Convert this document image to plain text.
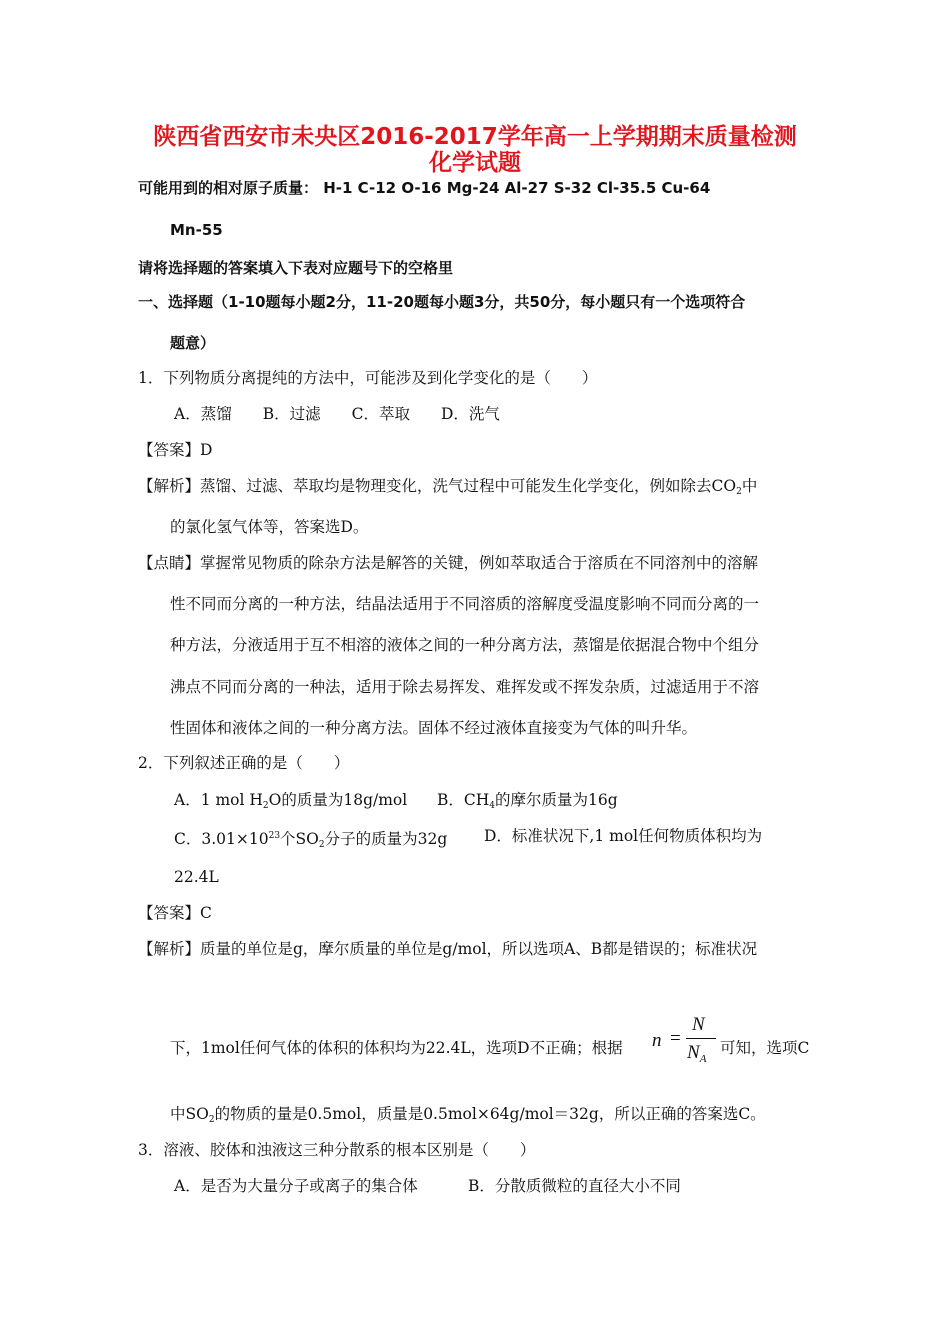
陕西省西安市未央区2016-2017学年高一上学期期末质量检测
化学试题
可能用到的相对原子质量： H-1 C-12 O-16 Mg-24 Al-27 S-32 Cl-35.5 Cu-64
Mn-55
请将选择题的答案填入下表对应题号下的空格里
一、选择题（1-10题每小题2分，11-20题每小题3分，共50分，每小题只有一个选项符合
题意）
1．下列物质分离提纯的方法中，可能涉及到化学变化的是（　　）
A．蒸馏　　B．过滤　　C．萃取　　D．洗气
【答案】D
【解析】蒸馏、过滤、萃取均是物理变化，洗气过程中可能发生化学变化，例如除去$CO_2$中
的氯化氢气体等，答案选D。
【点睛】掌握常见物质的除杂方法是解答的关键，例如萃取适合于溶质在不同溶剂中的溶解
性不同而分离的一种方法，结晶法适用于不同溶质的溶解度受温度影响不同而分离的一
种方法，分液适用于互不相溶的液体之间的一种分离方法，蒸馏是依据混合物中个组分
沸点不同而分离的一种法，适用于除去易挥发、难挥发或不挥发杂质，过滤适用于不溶
性固体和液体之间的一种分离方法。固体不经过液体直接变为气体的叫升华。
2．下列叙述正确的是（　　）
A．1 mol $H_2O$的质量为18g/mol B．$CH_4$的摩尔质量为16g
C．$3.01\times 10^{23}$个$SO_2$分子的质量为32g D．标准状况下,1 mol任何物质体积均为
22.4L
【答案】C
【解析】质量的单位是g，摩尔质量的单位是g/mol，所以选项A、B都是错误的；标准状况
下，1mol任何气体的体积的体积均为22.4L，选项D不正确；根据 n =
N
$N_A$
可知，选项C
中$SO_2$的物质的量是0.5mol，质量是0.5mol×64g/mol＝32g，所以正确的答案选C。
3．溶液、胶体和浊液这三种分散系的根本区别是（　　）
A．是否为大量分子或离子的集合体	B．分散质微粒的直径大小不同
